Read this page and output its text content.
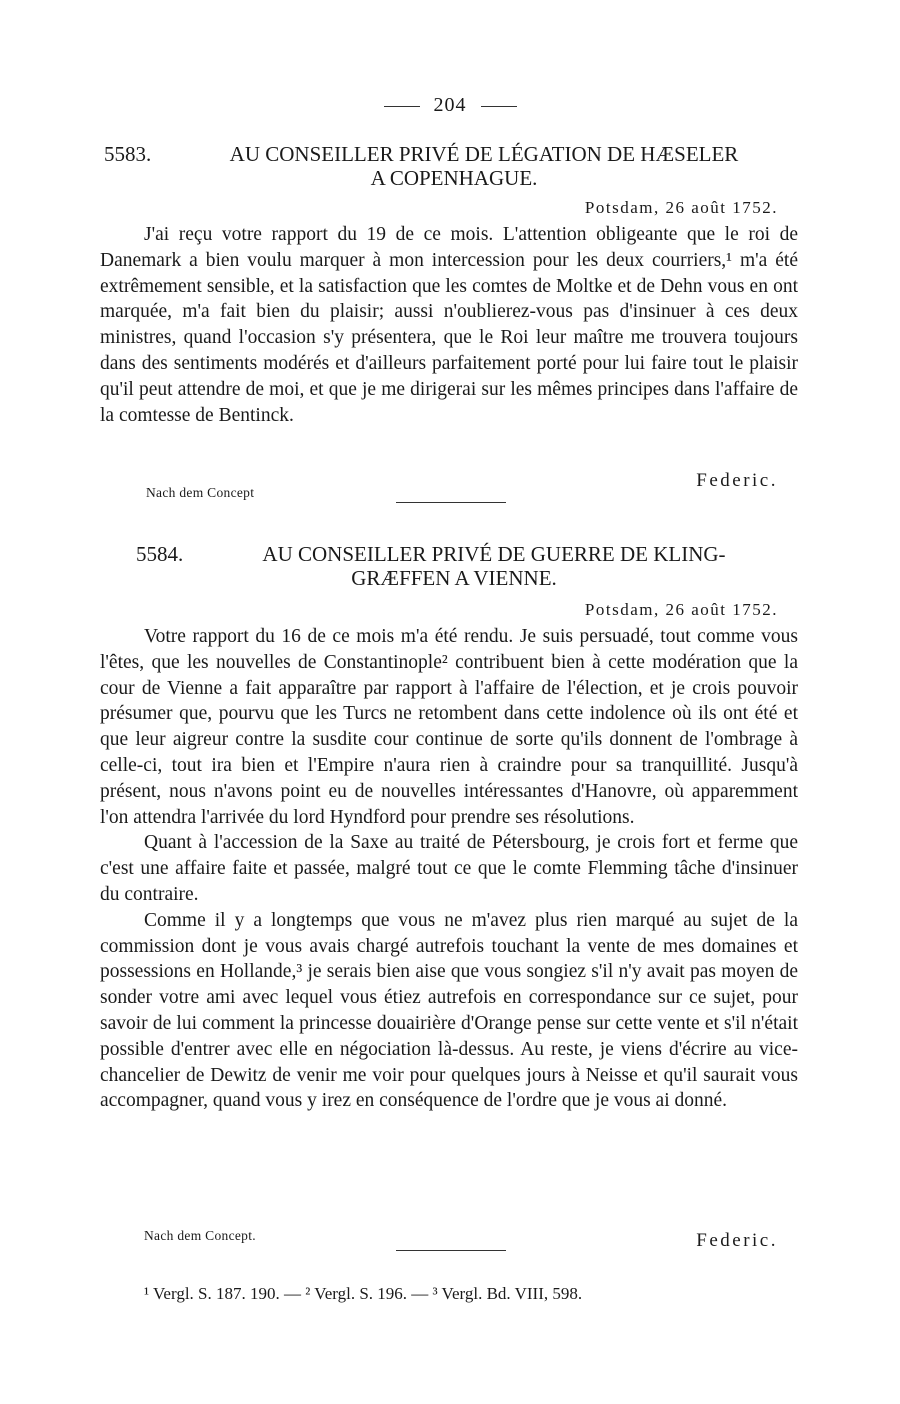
204
5583.	AU CONSEILLER PRIVÉ DE LÉGATION DE HÆSELER
A COPENHAGUE.
Potsdam, 26 août 1752.

J'ai reçu votre rapport du 19 de ce mois. L'attention obligeante que le roi de Danemark a bien voulu marquer à mon intercession pour les deux courriers,¹ m'a été extrêmement sensible, et la satisfaction que les comtes de Moltke et de Dehn vous en ont marquée, m'a fait bien du plaisir; aussi n'oublierez-vous pas d'insinuer à ces deux ministres, quand l'occasion s'y présentera, que le Roi leur maître me trouvera toujours dans des sentiments modérés et d'ailleurs parfaitement porté pour lui faire tout le plaisir qu'il peut attendre de moi, et que je me dirigerai sur les mêmes principes dans l'affaire de la comtesse de Bentinck.

Federic.
Nach dem Concept
5584.	AU CONSEILLER PRIVÉ DE GUERRE DE KLING-
GRÆFFEN A VIENNE.
Potsdam, 26 août 1752.

Votre rapport du 16 de ce mois m'a été rendu. Je suis persuadé, tout comme vous l'êtes, que les nouvelles de Constantinople² contribuent bien à cette modération que la cour de Vienne a fait apparaître par rapport à l'affaire de l'élection, et je crois pouvoir présumer que, pourvu que les Turcs ne retombent dans cette indolence où ils ont été et que leur aigreur contre la susdite cour continue de sorte qu'ils donnent de l'ombrage à celle-ci, tout ira bien et l'Empire n'aura rien à craindre pour sa tranquillité. Jusqu'à présent, nous n'avons point eu de nouvelles intéressantes d'Hanovre, où apparemment l'on attendra l'arrivée du lord Hyndford pour prendre ses résolutions.

Quant à l'accession de la Saxe au traité de Pétersbourg, je crois fort et ferme que c'est une affaire faite et passée, malgré tout ce que le comte Flemming tâche d'insinuer du contraire.

Comme il y a longtemps que vous ne m'avez plus rien marqué au sujet de la commission dont je vous avais chargé autrefois touchant la vente de mes domaines et possessions en Hollande,³ je serais bien aise que vous songiez s'il n'y avait pas moyen de sonder votre ami avec lequel vous étiez autrefois en correspondance sur ce sujet, pour savoir de lui comment la princesse douairière d'Orange pense sur cette vente et s'il n'était possible d'entrer avec elle en négociation là-dessus. Au reste, je viens d'écrire au vice-chancelier de Dewitz de venir me voir pour quelques jours à Neisse et qu'il saurait vous accompagner, quand vous y irez en conséquence de l'ordre que je vous ai donné.

Nach dem Concept.	Federic.
¹ Vergl. S. 187. 190. — ² Vergl. S. 196. — ³ Vergl. Bd. VIII, 598.
